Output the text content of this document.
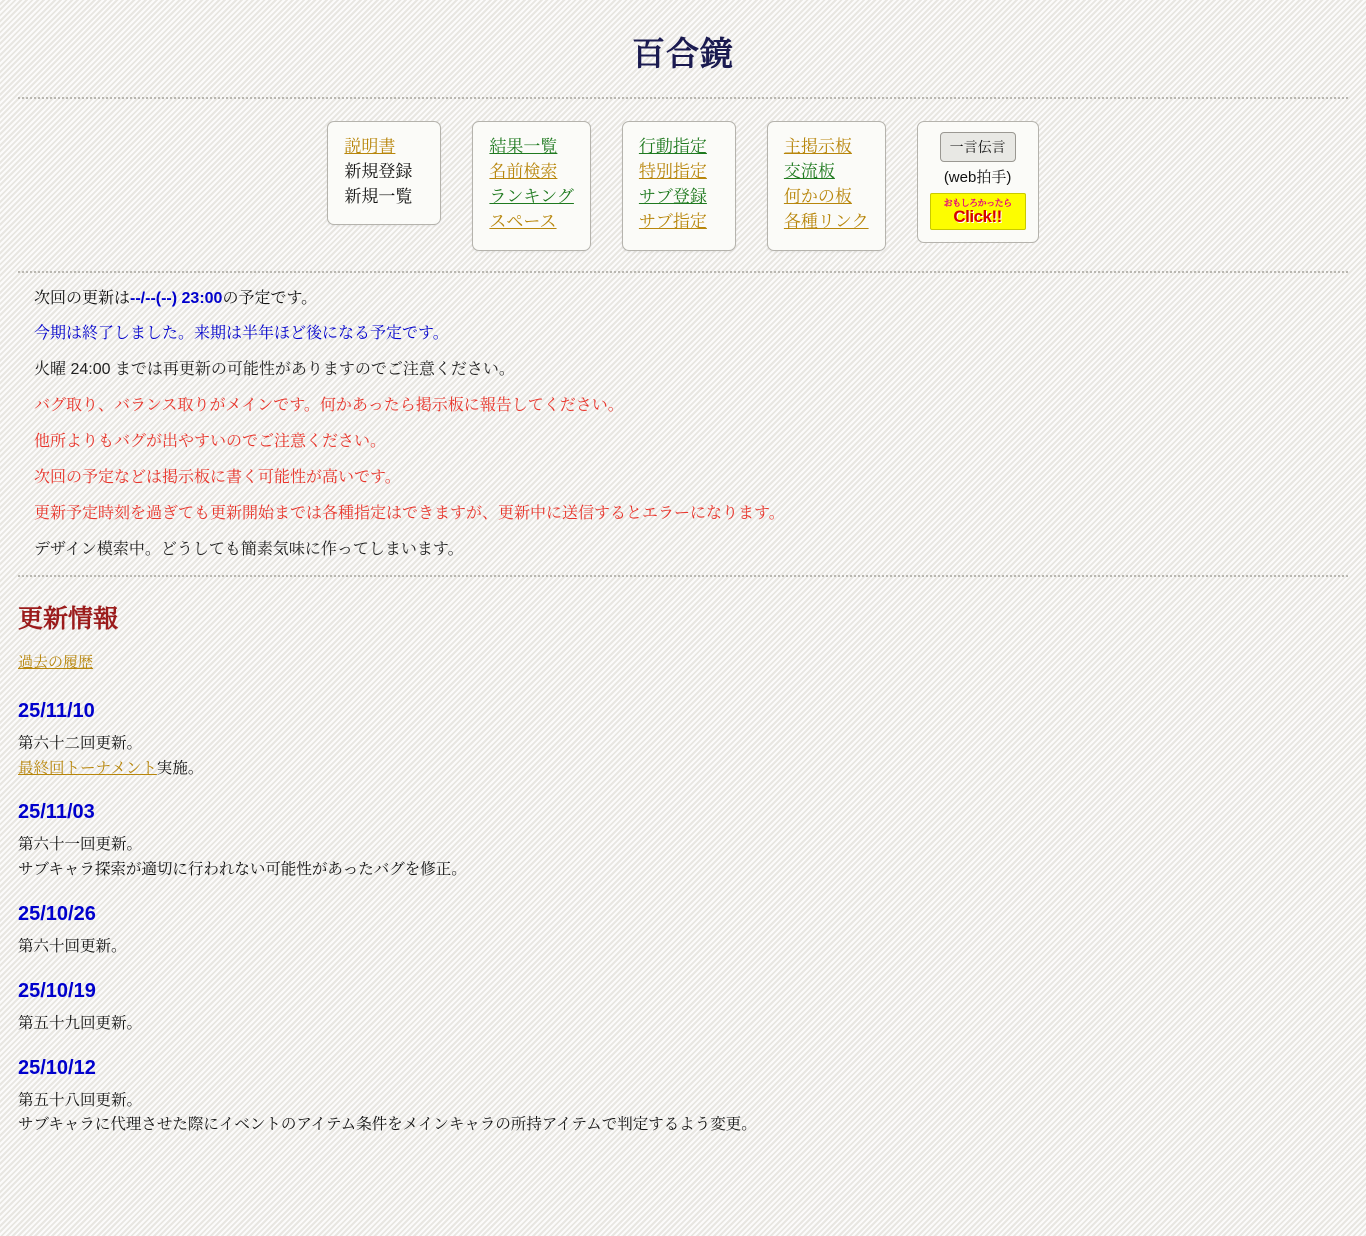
百合鏡
説明書
新規登録
新規一覧
結果一覧
名前検索
ランキング
スペース
行動指定
特別指定
サブ登録
サブ指定
主掲示板
交流板
何かの板
各種リンク
一言伝言
(web拍手)
おもしろかったら
Click!!

次回の更新は--/--(--) 23:00の予定です。

今期は終了しました。来期は半年ほど後になる予定です。

火曜 24:00 までは再更新の可能性がありますのでご注意ください。

バグ取り、バランス取りがメインです。何かあったら掲示板に報告してください。

他所よりもバグが出やすいのでご注意ください。

次回の予定などは掲示板に書く可能性が高いです。

更新予定時刻を過ぎても更新開始までは各種指定はできますが、更新中に送信するとエラーになります。

デザイン模索中。どうしても簡素気味に作ってしまいます。

更新情報
過去の履歴
25/11/10

第六十二回更新。

最終回トーナメント実施。

25/11/03

第六十一回更新。

サブキャラ探索が適切に行われない可能性があったバグを修正。

25/10/26

第六十回更新。

25/10/19

第五十九回更新。

25/10/12

第五十八回更新。

サブキャラに代理させた際にイベントのアイテム条件をメインキャラの所持アイテムで判定するよう変更。
